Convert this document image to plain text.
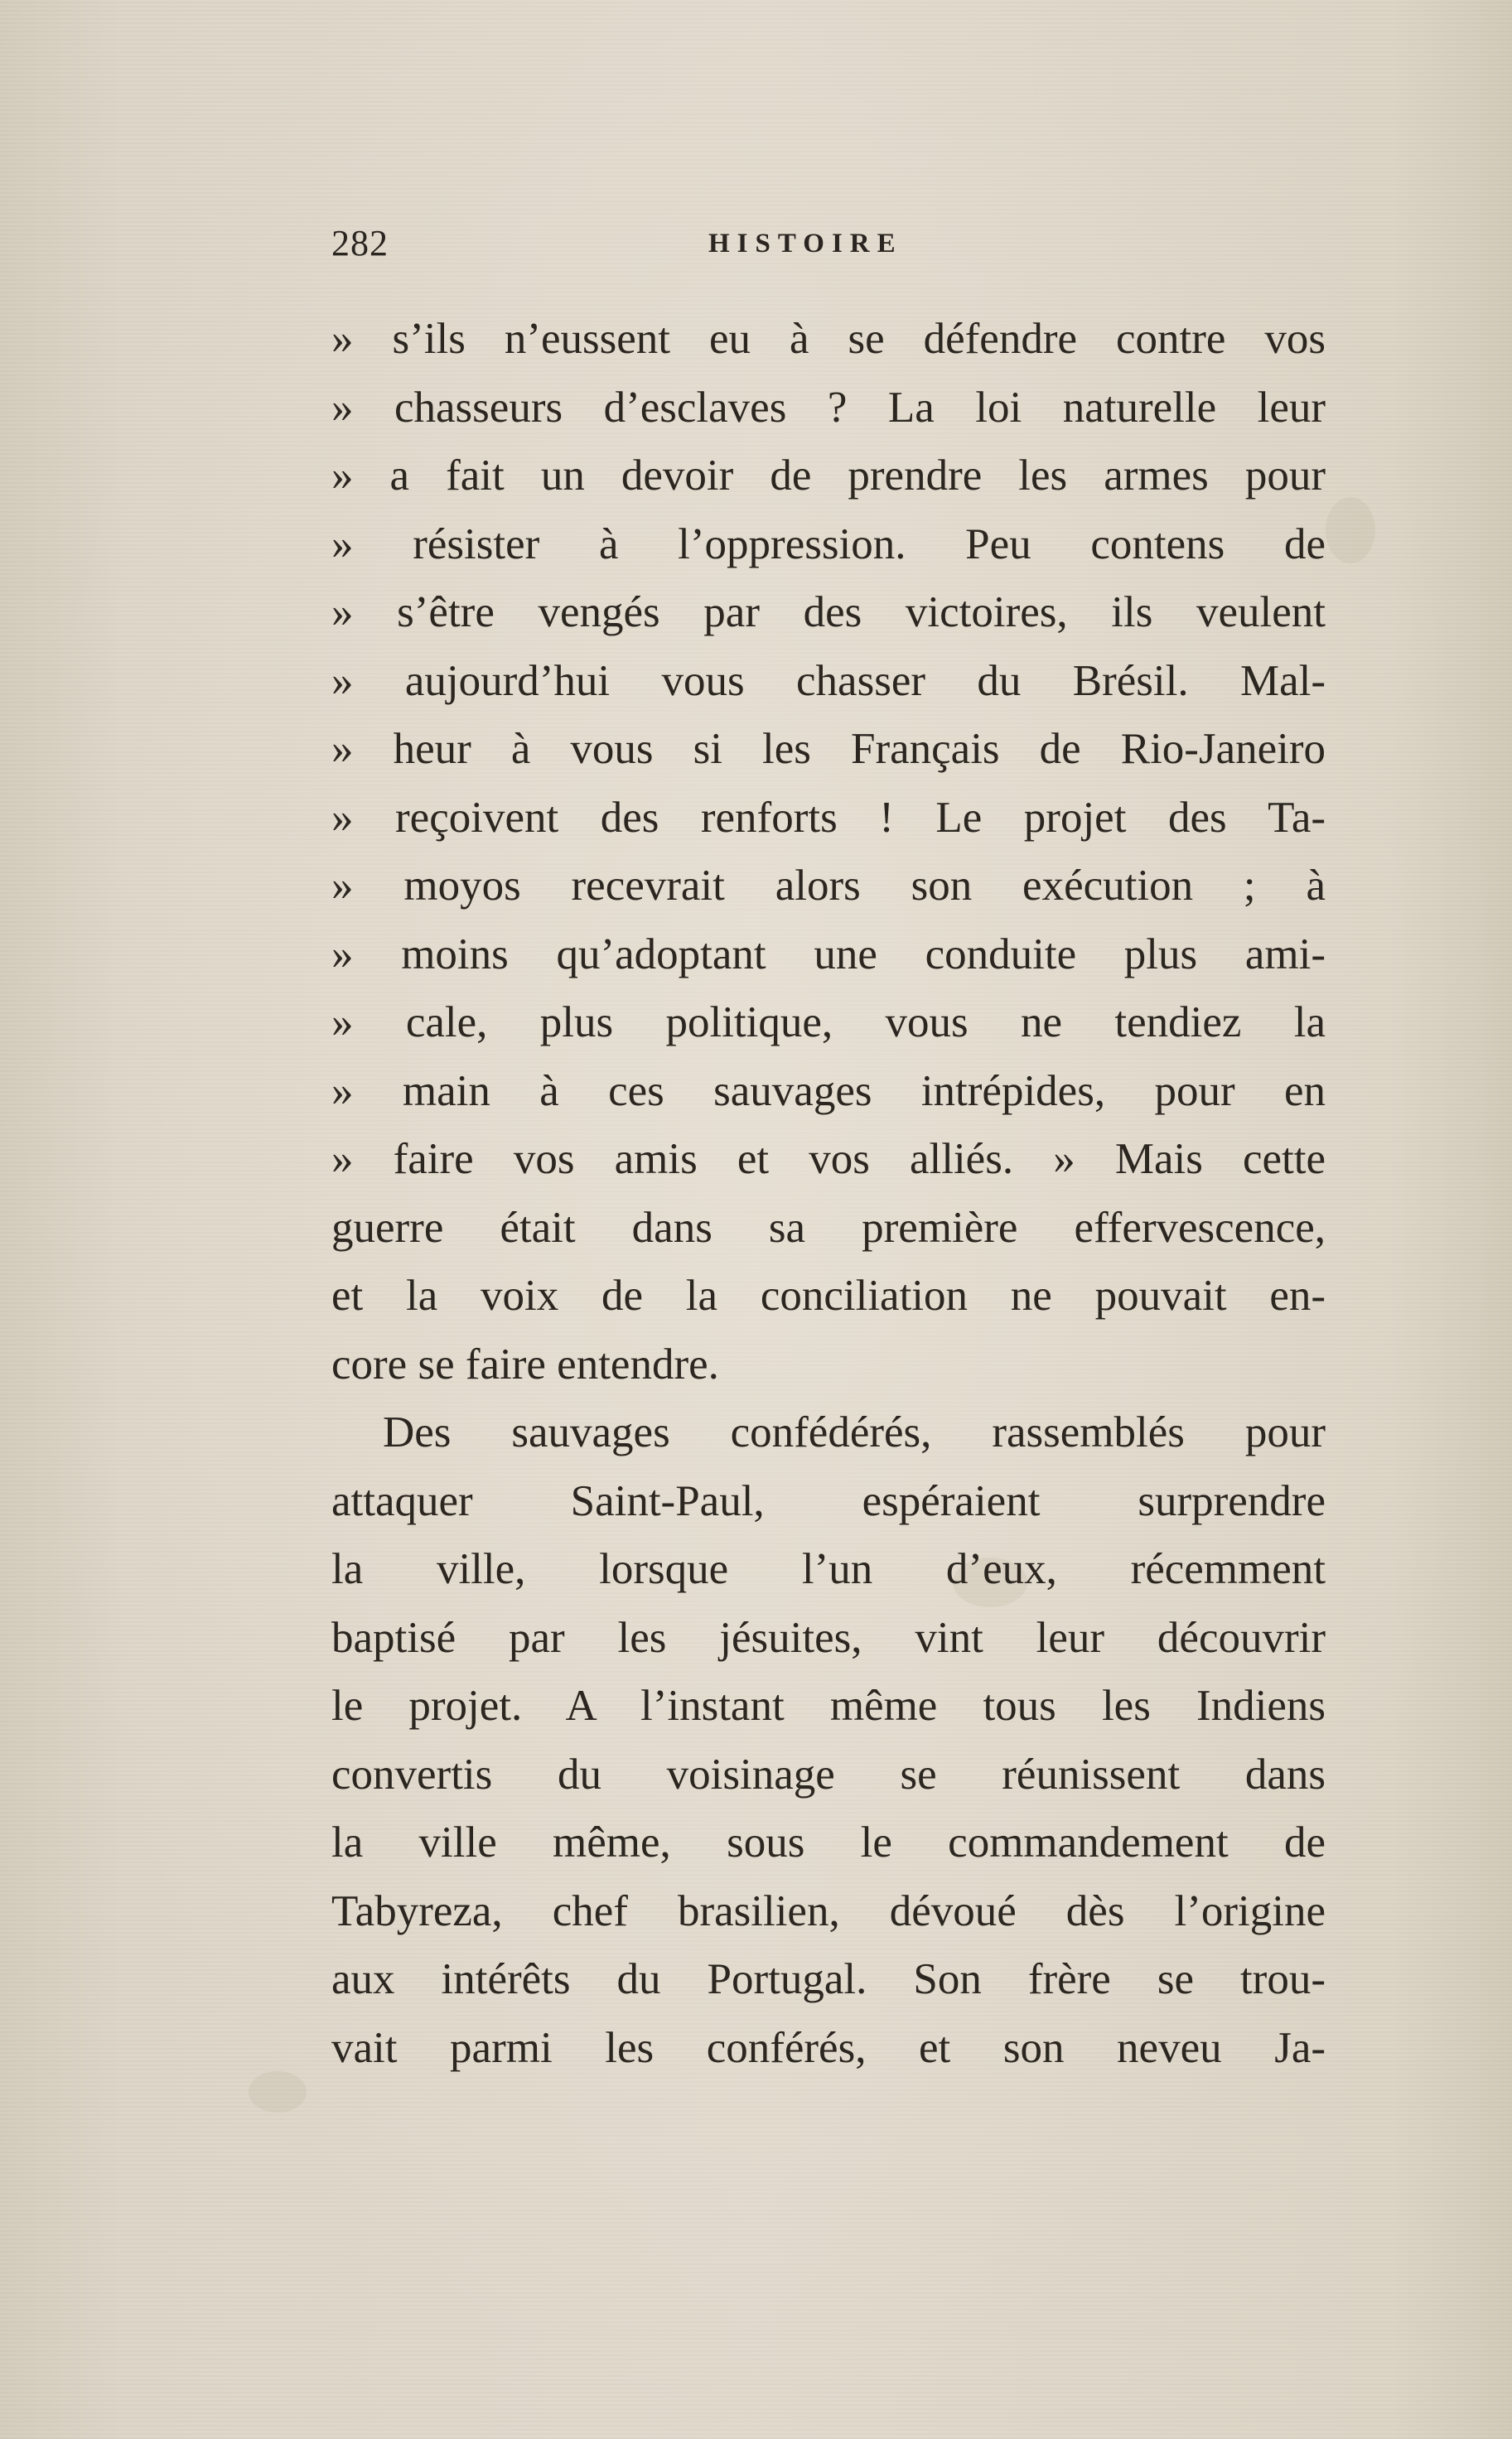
282	HISTOIRE
» s’ils n’eussent eu à se défendre contre vos
» chasseurs d’esclaves ? La loi naturelle leur
» a fait un devoir de prendre les armes pour
» résister à l’oppression. Peu contens de
» s’être vengés par des victoires, ils veulent
» aujourd’hui vous chasser du Brésil. Mal-
» heur à vous si les Français de Rio-Janeiro
» reçoivent des renforts ! Le projet des Ta-
» moyos recevrait alors son exécution ; à
» moins qu’adoptant une conduite plus ami-
» cale, plus politique, vous ne tendiez la
» main à ces sauvages intrépides, pour en
» faire vos amis et vos alliés. » Mais cette
guerre était dans sa première effervescence,
et la voix de la conciliation ne pouvait en-
core se faire entendre.
Des sauvages confédérés, rassemblés pour
attaquer Saint-Paul, espéraient surprendre
la ville, lorsque l’un d’eux, récemment
baptisé par les jésuites, vint leur découvrir
le projet. A l’instant même tous les Indiens
convertis du voisinage se réunissent dans
la ville même, sous le commandement de
Tabyreza, chef brasilien, dévoué dès l’origine
aux intérêts du Portugal. Son frère se trou-
vait parmi les conférés, et son neveu Ja-
